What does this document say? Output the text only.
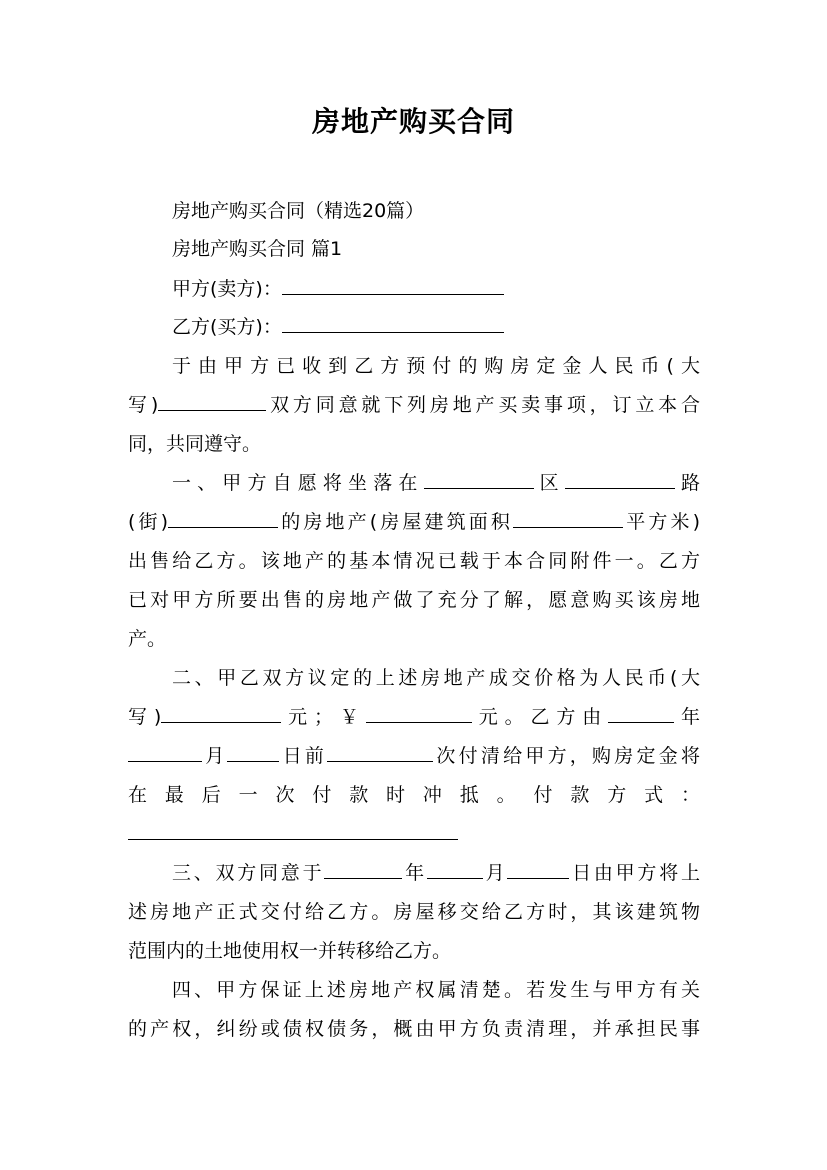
房地产购买合同
房地产购买合同（精选20篇）
房地产购买合同 篇1
甲方(卖方)：
乙方(买方)：
于由甲方已收到乙方预付的购房定金人民币(大
写)	双方同意就下列房地产买卖事项，订立本合
同，共同遵守。
一、甲方自愿将坐落在	区	路
(街)	的房地产(房屋建筑面积	平方米)
出售给乙方。该地产的基本情况已载于本合同附件一。乙方
已对甲方所要出售的房地产做了充分了解，愿意购买该房地
产。
二、甲乙双方议定的上述房地产成交价格为人民币(大
写)	元；￥	元。乙方由	年
月	日前	次付清给甲方，购房定金将
在最后一次付款时冲抵。付款方式：
三、双方同意于	年	月	日由甲方将上
述房地产正式交付给乙方。房屋移交给乙方时，其该建筑物
范围内的土地使用权一并转移给乙方。
四、甲方保证上述房地产权属清楚。若发生与甲方有关
的产权，纠纷或债权债务，概由甲方负责清理，并承担民事
